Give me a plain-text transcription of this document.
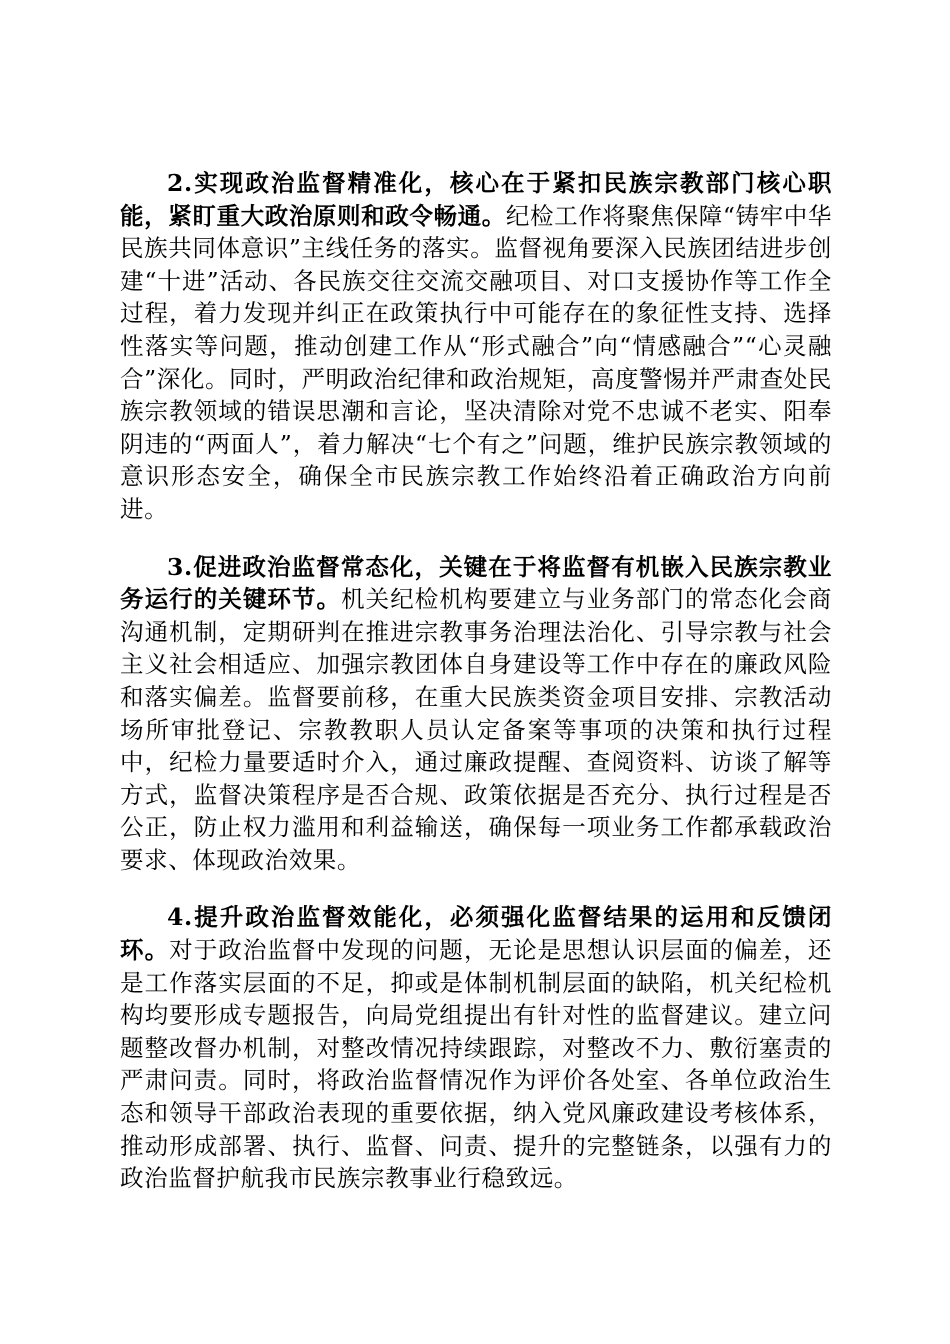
2.实现政治监督精准化，核心在于紧扣民族宗教部门核心职能，紧盯重大政治原则和政令畅通。纪检工作将聚焦保障“铸牢中华民族共同体意识”主线任务的落实。监督视角要深入民族团结进步创建“十进”活动、各民族交往交流交融项目、对口支援协作等工作全过程，着力发现并纠正在政策执行中可能存在的象征性支持、选择性落实等问题，推动创建工作从“形式融合”向“情感融合”“心灵融合”深化。同时，严明政治纪律和政治规矩，高度警惕并严肃查处民族宗教领域的错误思潮和言论，坚决清除对党不忠诚不老实、阳奉阴违的“两面人”，着力解决“七个有之”问题，维护民族宗教领域的意识形态安全，确保全市民族宗教工作始终沿着正确政治方向前进。

3.促进政治监督常态化，关键在于将监督有机嵌入民族宗教业务运行的关键环节。机关纪检机构要建立与业务部门的常态化会商沟通机制，定期研判在推进宗教事务治理法治化、引导宗教与社会主义社会相适应、加强宗教团体自身建设等工作中存在的廉政风险和落实偏差。监督要前移，在重大民族类资金项目安排、宗教活动场所审批登记、宗教教职人员认定备案等事项的决策和执行过程中，纪检力量要适时介入，通过廉政提醒、查阅资料、访谈了解等方式，监督决策程序是否合规、政策依据是否充分、执行过程是否公正，防止权力滥用和利益输送，确保每一项业务工作都承载政治要求、体现政治效果。

4.提升政治监督效能化，必须强化监督结果的运用和反馈闭环。对于政治监督中发现的问题，无论是思想认识层面的偏差，还是工作落实层面的不足，抑或是体制机制层面的缺陷，机关纪检机构均要形成专题报告，向局党组提出有针对性的监督建议。建立问题整改督办机制，对整改情况持续跟踪，对整改不力、敷衍塞责的严肃问责。同时，将政治监督情况作为评价各处室、各单位政治生态和领导干部政治表现的重要依据，纳入党风廉政建设考核体系，推动形成部署、执行、监督、问责、提升的完整链条，以强有力的政治监督护航我市民族宗教事业行稳致远。
